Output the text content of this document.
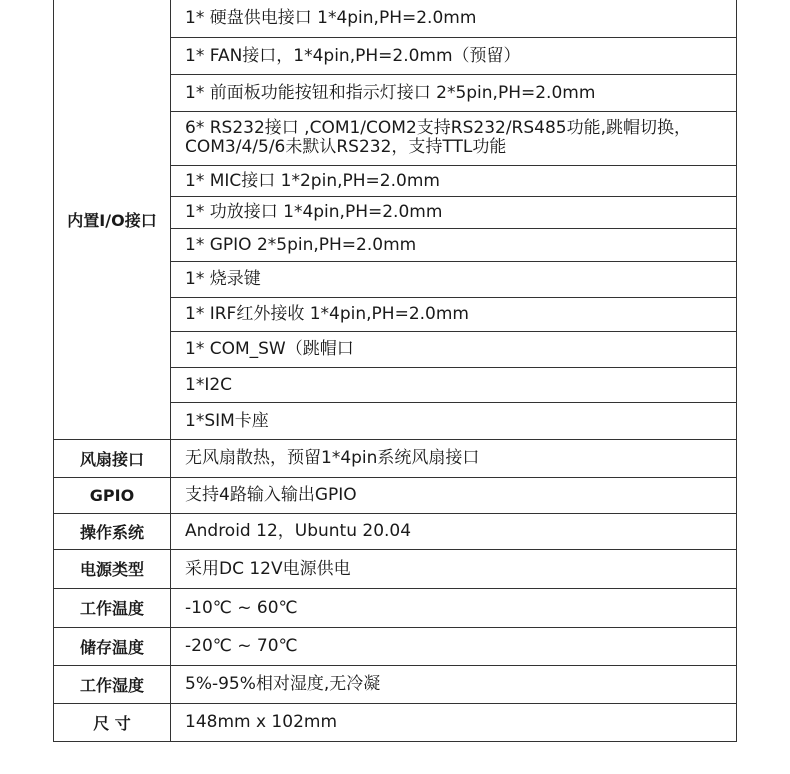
内置I/O接口	1* 硬盘供电接口 1*4pin,PH=2.0mm
	1* FAN接口，1*4pin,PH=2.0mm（预留）
	1* 前面板功能按钮和指示灯接口 2*5pin,PH=2.0mm

	6* RS232接口 ,COM1/COM2支持RS232/RS485功能,跳帽切换，
COM3/4/5/6未默认RS232，支持TTL功能

	1* MIC接口 1*2pin,PH=2.0mm
	1* 功放接口 1*4pin,PH=2.0mm
	1* GPIO 2*5pin,PH=2.0mm
	1* 烧录键
	1* IRF红外接收 1*4pin,PH=2.0mm
	1* COM_SW（跳帽口
	1*I2C
	1*SIM卡座
风扇接口	无风扇散热，预留1*4pin系统风扇接口
GPIO	支持4路输入输出GPIO
操作系统	Android 12，Ubuntu 20.04
电源类型	采用DC 12V电源供电
工作温度	-10℃ ~ 60℃
储存温度	-20℃ ~ 70℃
工作湿度	5%-95%相对湿度,无冷凝
尺 寸	148mm x 102mm
